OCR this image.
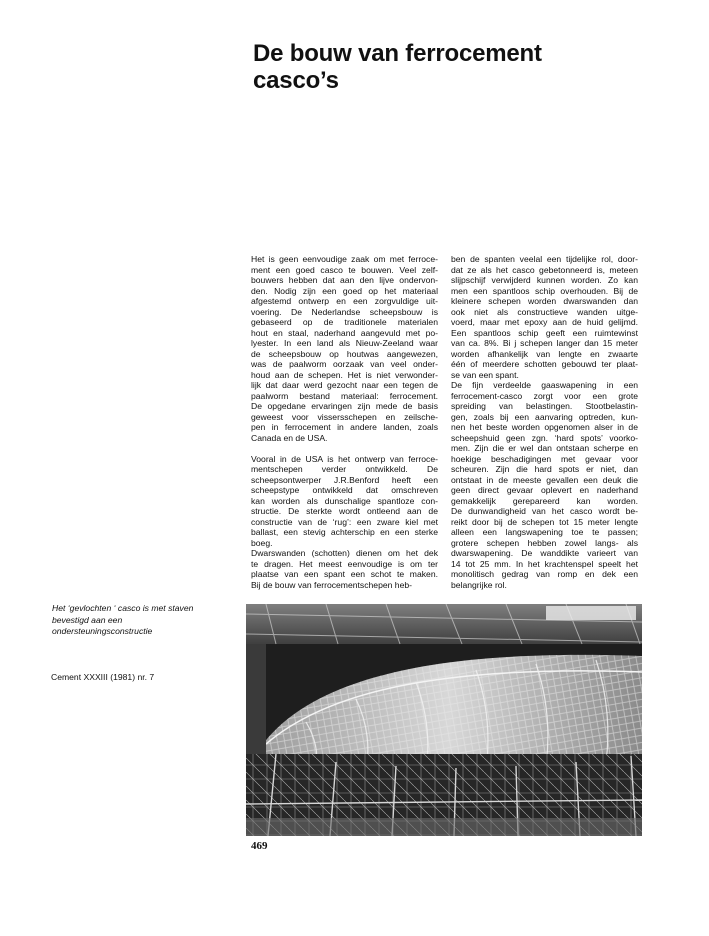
De bouw van ferrocement
casco’s

Het is geen eenvoudige zaak om met ferroce-
ment een goed casco te bouwen. Veel zelf-
bouwers hebben dat aan den lijve ondervon-
den. Nodig zijn een goed op het materiaal
afgestemd ontwerp en een zorgvuldige uit-
voering. De Nederlandse scheepsbouw is
gebaseerd op de traditionele materialen
hout en staal, naderhand aangevuld met po-
lyester. In een land als Nieuw-Zeeland waar
de scheepsbouw op houtwas aangewezen,
was de paalworm oorzaak van veel onder-
houd aan de schepen. Het is niet verwonder-
lijk dat daar werd gezocht naar een tegen de
paalworm bestand materiaal: ferrocement.
De opgedane ervaringen zijn mede de basis
geweest voor vissersschepen en zeilsche-
pen in ferrocement in andere landen, zoals
Canada en de USA.

Vooral in de USA is het ontwerp van ferroce-
mentschepen verder ontwikkeld. De
scheepsontwerper J.R.Benford heeft een
scheepstype ontwikkeld dat omschreven
kan worden als dunschalige spantloze con-
structie. De sterkte wordt ontleend aan de
constructie van de ‘rug’: een zware kiel met
ballast, een stevig achterschip en een sterke
boeg.
Dwarswanden (schotten) dienen om het dek
te dragen. Het meest eenvoudige is om ter
plaatse van een spant een schot te maken.
Bij de bouw van ferrocementschepen heb-

ben de spanten veelal een tijdelijke rol, door-
dat ze als het casco gebetonneerd is, meteen
slijpschijf verwijderd kunnen worden. Zo kan
men een spantloos schip overhouden. Bij de
kleinere schepen worden dwarswanden dan
ook niet als constructieve wanden uitge-
voerd, maar met epoxy aan de huid gelijmd.
Een spantloos schip geeft een ruimtewinst
van ca. 8%. Bi j schepen langer dan 15 meter
worden afhankelijk van lengte en zwaarte
één of meerdere schotten gebouwd ter plaat-
se van een spant.
De fijn verdeelde gaaswapening in een
ferrocement-casco zorgt voor een grote
spreiding van belastingen. Stootbelastin-
gen, zoals bij een aanvaring optreden, kun-
nen het beste worden opgenomen alser in de
scheepshuid geen zgn. ‘hard spots’ voorko-
men. Zijn die er wel dan ontstaan scherpe en
hoekige beschadigingen met gevaar voor
scheuren. Zijn die hard spots er niet, dan
ontstaat in de meeste gevallen een deuk die
geen direct gevaar oplevert en naderhand
gemakkelijk gerepareerd kan worden.
De dunwandigheid van het casco wordt be-
reikt door bij de schepen tot 15 meter lengte
alleen een langswapening toe te passen;
grotere schepen hebben zowel langs- als
dwarswapening. De wanddikte varieert van
14 tot 25 mm. In het krachtenspel speelt het
monolitisch gedrag van romp en dek een
belangrijke rol.

Het ‘gevlochten ‘ casco is met staven
bevestigd aan een
ondersteuningsconstructie
Cement XXXIII (1981) nr. 7
469
